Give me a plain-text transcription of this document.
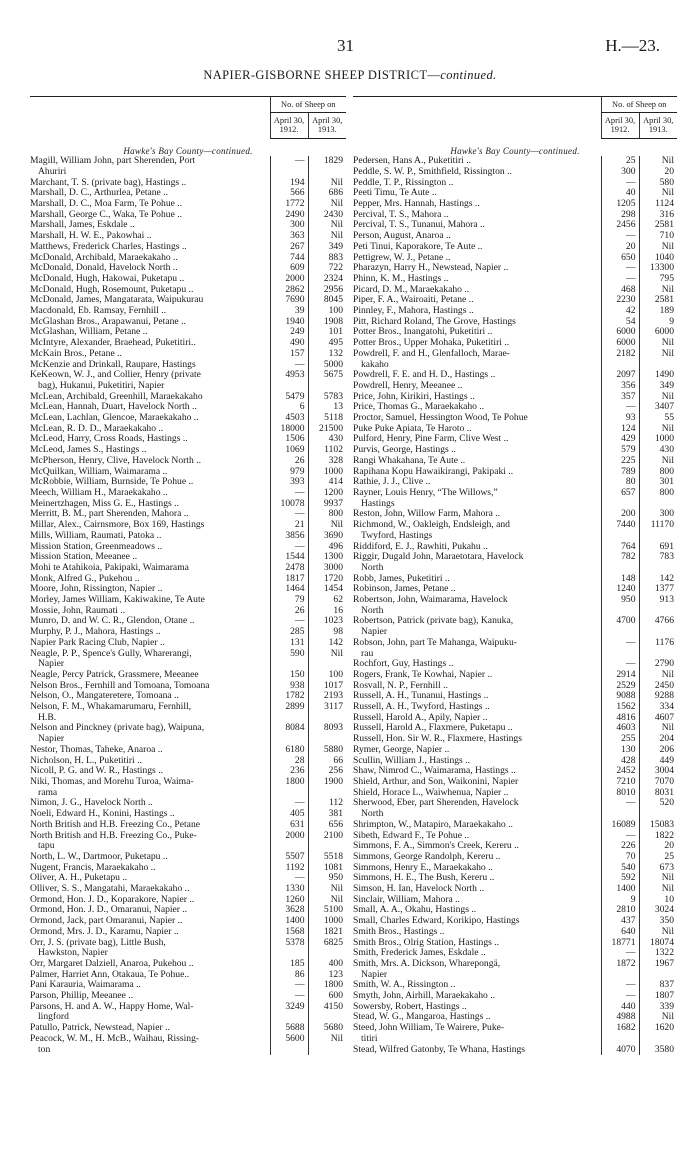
31	H.—23.
NAPIER-GISBORNE SHEEP DISTRICT—continued.
	No. of Sheep on	
	April 30, 1912.	April 30, 1913.
Hawke's Bay County—continued.		
Magill, William John, part Sherenden, Port	—	1829
Ahuriri		
Marchant, T. S. (private bag), Hastings ..	194	Nil
Marshall, D. C., Arthurlea, Petane ..	566	686
Marshall, D. C., Moa Farm, Te Pohue ..	1772	Nil
Marshall, George C., Waka, Te Pohue ..	2490	2430
Marshall, James, Eskdale ..	300	Nil
Marshall, H. W. E., Pakowhai ..	363	Nil
Matthews, Frederick Charles, Hastings ..	267	349
McDonald, Archibald, Maraekakaho ..	744	883
McDonald, Donald, Havelock North ..	609	722
McDonald, Hugh, Hakowai, Puketapu ..	2000	2324
McDonald, Hugh, Rosemount, Puketapu ..	2862	2956
McDonald, James, Mangatarata, Waipukurau	7690	8045
Macdonald, Eb. Ramsay, Fernhill ..	39	100
McGlashan Bros., Arapawanui, Petane ..	1940	1908
McGlashan, William, Petane ..	249	101
McIntyre, Alexander, Braehead, Puketitiri..	490	495
McKain Bros., Petane ..	157	132
McKenzie and Drinkall, Raupare, Hastings	—	5000
KeKeown, W. J., and Collier, Henry (private	4953	5675
bag), Hukanui, Puketitiri, Napier		
McLean, Archibald, Greenhill, Maraekakaho	5479	5783
McLean, Hannah, Duart, Havelock North ..	6	13
McLean, Lachlan, Glencoe, Maraekakaho ..	4503	5118
McLean, R. D. D., Maraekakaho ..	18000	21500
McLeod, Harry, Cross Roads, Hastings ..	1506	430
McLeod, James S., Hastings ..	1069	1102
McPherson, Henry, Clive, Havelock North ..	26	328
McQuilkan, William, Waimarama ..	979	1000
McRobbie, William, Burnside, Te Pohue ..	393	414
Meech, William H., Maraekakaho ..	—	1200
Meinertzhagen, Miss G. E., Hastings ..	10078	9937
Merritt, B. M., part Sherenden, Mahora ..	—	800
Millar, Alex., Cairnsmore, Box 169, Hastings	21	Nil
Mills, William, Raumati, Patoka ..	3856	3690
Mission Station, Greenmeadows ..	—	496
Mission Station, Meeanee ..	1544	1300
Mohi te Atahikoia, Pakipaki, Waimarama	2478	3000
Monk, Alfred G., Pukehou ..	1817	1720
Moore, John, Rissington, Napier ..	1464	1454
Morley, James William, Kakiwakine, Te Aute	79	62
Mossie, John, Raumati ..	26	16
Munro, D. and W. C. R., Glendon, Otane ..	—	1023
Murphy, P. J., Mahora, Hastings ..	285	98
Napier Park Racing Club, Napier ..	131	142
Neagle, P. P., Spence's Gully, Wharerangi,	590	Nil
Napier		
Neagle, Percy Patrick, Grassmere, Meeanee	150	100
Nelson Bros., Fernhill and Tomoana, Tomoana	938	1017
Nelson, O., Mangateretere, Tomoana ..	1782	2193
Nelson, F. M., Whakamarumaru, Fernhill,	2899	3117
H.B.		
Nelson and Pinckney (private bag), Waipuna,	8084	8093
Napier		
Nestor, Thomas, Taheke, Anaroa ..	6180	5880
Nicholson, H. L., Puketitiri ..	28	66
Nicoll, P. G. and W. R., Hastings ..	236	256
Niki, Thomas, and Morehu Turoa, Waima-	1800	1900
rama		
Nimon, J. G., Havelock North ..	—	112
Noeli, Edward H., Konini, Hastings ..	405	381
North British and H.B. Freezing Co., Petane	631	656
North British and H.B. Freezing Co., Puke-	2000	2100
tapu		
North, L. W., Dartmoor, Puketapu ..	5507	5518
Nugent, Francis, Maraekakaho ..	1192	1081
Oliver, A. H., Puketapu ..	—	950
Olliver, S. S., Mangatahi, Maraekakaho ..	1330	Nil
Ormond, Hon. J. D., Koparakore, Napier ..	1260	Nil
Ormond, Hon. J. D., Omaranui, Napier ..	3628	5100
Ormond, Jack, part Omaranui, Napier ..	1400	1000
Ormond, Mrs. J. D., Karamu, Napier ..	1568	1821
Orr, J. S. (private bag), Little Bush,	5378	6825
Hawkston, Napier		
Orr, Margaret Dalziell, Anaroa, Pukehou ..	185	400
Palmer, Harriet Ann, Otakaua, Te Pohue..	86	123
Pani Karauria, Waimarama ..	—	1800
Parson, Phillip, Meeanee ..	—	600
Parsons, H. and A. W., Happy Home, Wal-	3249	4150
lingford		
Patullo, Patrick, Newstead, Napier ..	5688	5680
Peacock, W. M., H. McB., Waihau, Rissing-	5600	Nil
ton		
	No. of Sheep on	
	April 30, 1912.	April 30, 1913.
Hawke's Bay County—continued.		
Pedersen, Hans A., Puketitiri ..	25	Nil
Peddle, S. W. P., Smithfield, Rissington ..	300	20
Peddle, T. P., Rissington ..	—	580
Peeti Timu, Te Aute ..	40	Nil
Pepper, Mrs. Hannah, Hastings ..	1205	1124
Percival, T. S., Mahora ..	298	316
Percival, T. S., Tunanui, Mahora ..	2456	2581
Person, August, Anaroa ..	—	710
Peti Tinui, Kaporakore, Te Aute ..	20	Nil
Pettigrew, W. J., Petane ..	650	1040
Pharazyn, Harry H., Newstead, Napier ..	—	13300
Phinn, K. M., Hastings ..	—	795
Picard, D. M., Maraekakaho ..	468	Nil
Piper, F. A., Wairoaiti, Petane ..	2230	2581
Pinnley, F., Mahora, Hastings ..	42	189
Pitt, Richard Roland, The Grove, Hastings	54	9
Potter Bros., Inangatohi, Puketitiri ..	6000	6000
Potter Bros., Upper Mohaka, Puketitiri ..	6000	Nil
Powdrell, F. and H., Glenfalloch, Marae-	2182	Nil
kakaho		
Powdrell, F. E. and H. D., Hastings ..	2097	1490
Powdrell, Henry, Meeanee ..	356	349
Price, John, Kirikiri, Hastings ..	357	Nil
Price, Thomas G., Maraekakaho ..	—	3407
Proctor, Samuel, Hessington Wood, Te Pohue	93	55
Puke Puke Apiata, Te Haroto ..	124	Nil
Pulford, Henry, Pine Farm, Clive West ..	429	1000
Purvis, George, Hastings ..	579	430
Rangi Whakahana, Te Aute ..	225	Nil
Rapihana Kopu Hawaikirangi, Pakipaki ..	789	800
Rathie, J. J., Clive ..	80	301
Rayner, Louis Henry, “The Willows,”	657	800
Hastings		
Reston, John, Willow Farm, Mahora ..	200	300
Richmond, W., Oakleigh, Endsleigh, and	7440	11170
Twyford, Hastings		
Riddiford, E. J., Rawhiti, Pukahu ..	764	691
Riggir, Dugald John, Maraetotara, Havelock	782	783
North		
Robb, James, Puketitiri ..	148	142
Robinson, James, Petane ..	1240	1377
Robertson, John, Waimarama, Havelock	950	913
North		
Robertson, Patrick (private bag), Kanuka,	4700	4766
Napier		
Robson, John, part Te Mahanga, Waipuku-	—	1176
rau		
Rochfort, Guy, Hastings ..	—	2790
Rogers, Frank, Te Kowhai, Napier ..	2914	Nil
Rosvall, N. P., Fernhill ..	2529	2450
Russell, A. H., Tunanui, Hastings ..	9088	9288
Russell, A. H., Twyford, Hastings ..	1562	334
Russell, Harold A., Apily, Napier ..	4816	4607
Russell, Harold A., Flaxmere, Puketapu ..	4603	Nil
Russell, Hon. Sir W. R., Flaxmere, Hastings	255	204
Rymer, George, Napier ..	130	206
Scullin, William J., Hastings ..	428	449
Shaw, Nimrod C., Waimarama, Hastings ..	2452	3004
Shield, Arthur, and Son, Waikonini, Napier	7210	7070
Shield, Horace L., Waiwhenua, Napier ..	8010	8031
Sherwood, Eber, part Sherenden, Havelock	—	520
North		
Shrimpton, W., Matapiro, Maraekakaho ..	16089	15083
Sibeth, Edward F., Te Pohue ..	—	1822
Simmons, F. A., Simmon's Creek, Kereru ..	226	20
Simmons, George Randolph, Kereru ..	70	25
Simmons, Henry E., Maraekakaho ..	540	673
Simmons, H. E., The Bush, Kereru ..	592	Nil
Simson, H. Ian, Havelock North ..	1400	Nil
Sinclair, William, Mahora ..	9	10
Small, A. A., Okahu, Hastings ..	2810	3024
Small, Charles Edward, Korikipo, Hastings	437	350
Smith Bros., Hastings ..	640	Nil
Smith Bros., Olrig Station, Hastings ..	18771	18074
Smith, Frederick James, Eskdale ..	—	1322
Smith, Mrs. A. Dickson, Wharepongä,	1872	1967
Napier		
Smith, W. A., Rissington ..	—	837
Smyth, John, Airhill, Maraekakaho ..	—	1807
Sowersby, Robert, Hastings ..	440	339
Stead, W. G., Mangaroa, Hastings ..	4988	Nil
Steed, John William, Te Wairere, Puke-	1682	1620
titiri		
Stead, Wilfred Gatonby, Te Whana, Hastings	4070	3580
